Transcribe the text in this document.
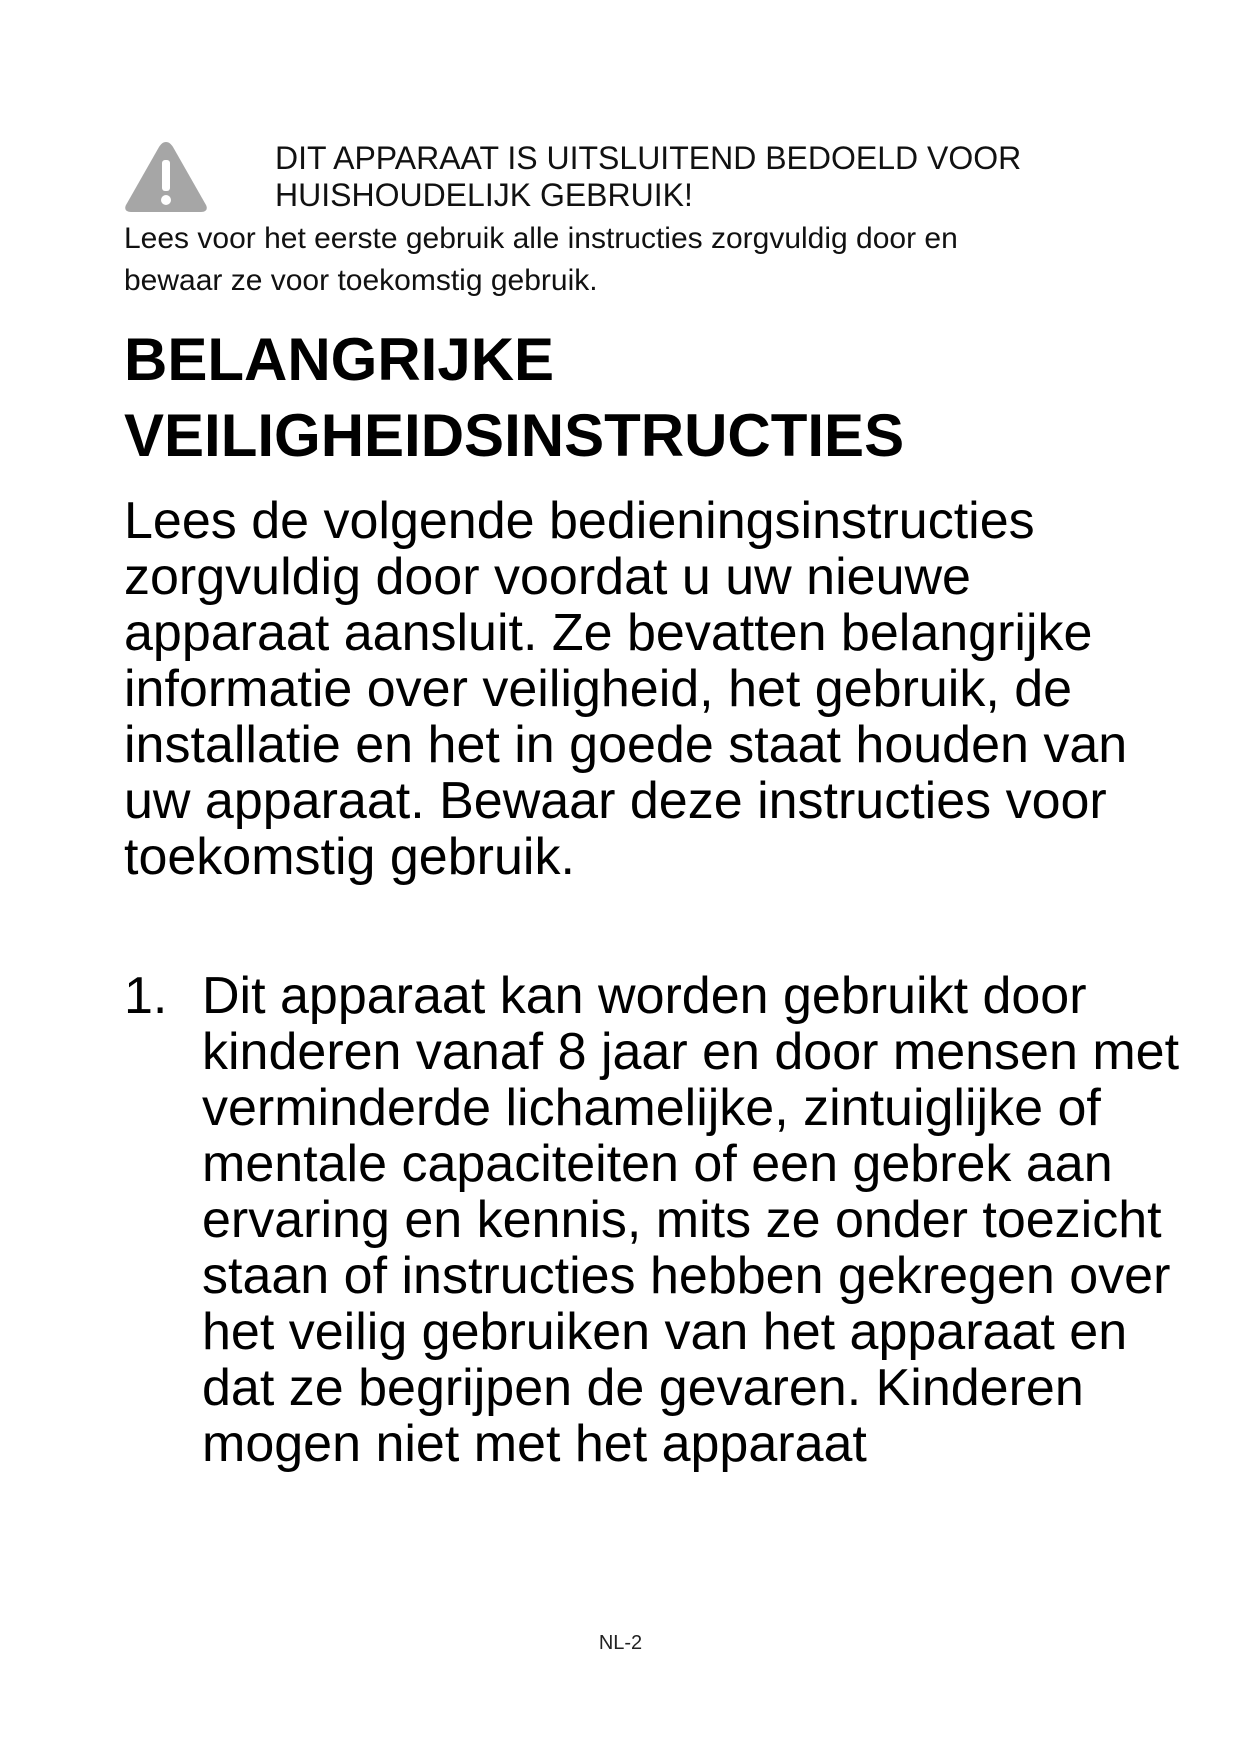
DIT APPARAAT IS UITSLUITEND BEDOELD VOOR
HUISHOUDELIJK GEBRUIK!
Lees voor het eerste gebruik alle instructies zorgvuldig door en
bewaar ze voor toekomstig gebruik.
BELANGRIJKE
VEILIGHEIDSINSTRUCTIES

Lees de volgende bedieningsinstructies zorgvuldig door voordat u uw nieuwe apparaat aansluit. Ze bevatten belangrijke informatie over veiligheid, het gebruik, de installatie en het in goede staat houden van uw apparaat. Bewaar deze instructies voor toekomstig gebruik.

1. Dit apparaat kan worden gebruikt door kinderen vanaf 8 jaar en door mensen met verminderde lichamelijke, zintuiglijke of mentale capaciteiten of een gebrek aan ervaring en kennis, mits ze onder toezicht staan of instructies hebben gekregen over het veilig gebruiken van het apparaat en dat ze begrijpen de gevaren. Kinderen mogen niet met het apparaat
NL-2
